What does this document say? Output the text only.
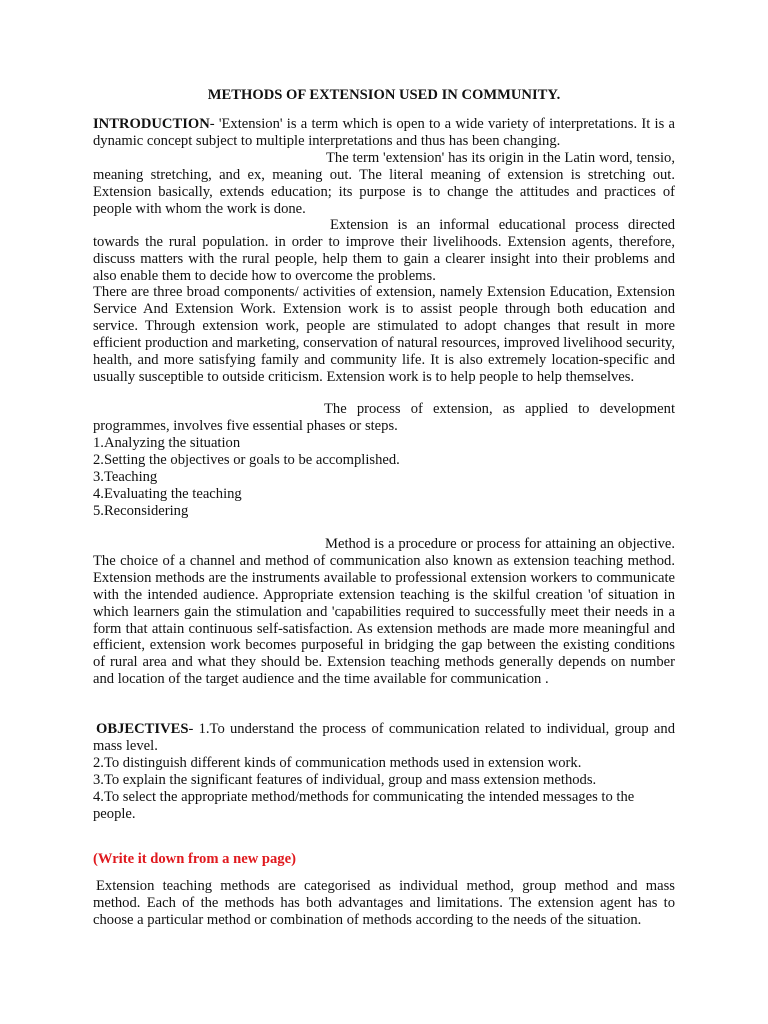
METHODS OF EXTENSION USED IN COMMUNITY.
INTRODUCTION- 'Extension' is a term which is open to a wide variety of interpretations. It is a dynamic concept subject to multiple interpretations and thus has been changing.
The term 'extension' has its origin in the Latin word, tensio, meaning stretching, and ex, meaning out. The literal meaning of extension is stretching out. Extension basically, extends education; its purpose is to change the attitudes and practices of people with whom the work is done.
Extension is an informal educational process directed towards the rural population. in order to improve their livelihoods. Extension agents, therefore, discuss matters with the rural people, help them to gain a clearer insight into their problems and also enable them to decide how to overcome the problems.
There are three broad components/ activities of extension, namely Extension Education, Extension Service And Extension Work. Extension work is to assist people through both education and service. Through extension work, people are stimulated to adopt changes that result in more efficient production and marketing, conservation of natural resources, improved livelihood security, health, and more satisfying family and community life. It is also extremely location-specific and usually susceptible to outside criticism. Extension work is to help people to help themselves.
The process of extension, as applied to development programmes, involves five essential phases or steps.
1.Analyzing the situation
2.Setting the objectives or goals to be accomplished.
3.Teaching
4.Evaluating the teaching
5.Reconsidering
Method is a procedure or process for attaining an objective. The choice of a channel and method of communication also known as extension teaching method. Extension methods are the instruments available to professional extension workers to communicate with the intended audience. Appropriate extension teaching is the skilful creation 'of situation in which learners gain the stimulation and 'capabilities required to successfully meet their needs in a form that attain continuous self-satisfaction. As extension methods are made more meaningful and efficient, extension work becomes purposeful in bridging the gap between the existing conditions of rural area and what they should be. Extension teaching methods generally depends on number and location of the target audience and the time available for communication .
OBJECTIVES- 1.To understand the process of communication related to individual, group and mass level.
2.To distinguish different kinds of communication methods used in extension work.
3.To explain the significant features of individual, group and mass extension methods.
4.To select the appropriate method/methods for communicating the intended messages to the people.
(Write it down from a new page)
Extension teaching methods are categorised as individual method, group method and mass method. Each of the methods has both advantages and limitations. The extension agent has to choose a particular method or combination of methods according to the needs of the situation.
